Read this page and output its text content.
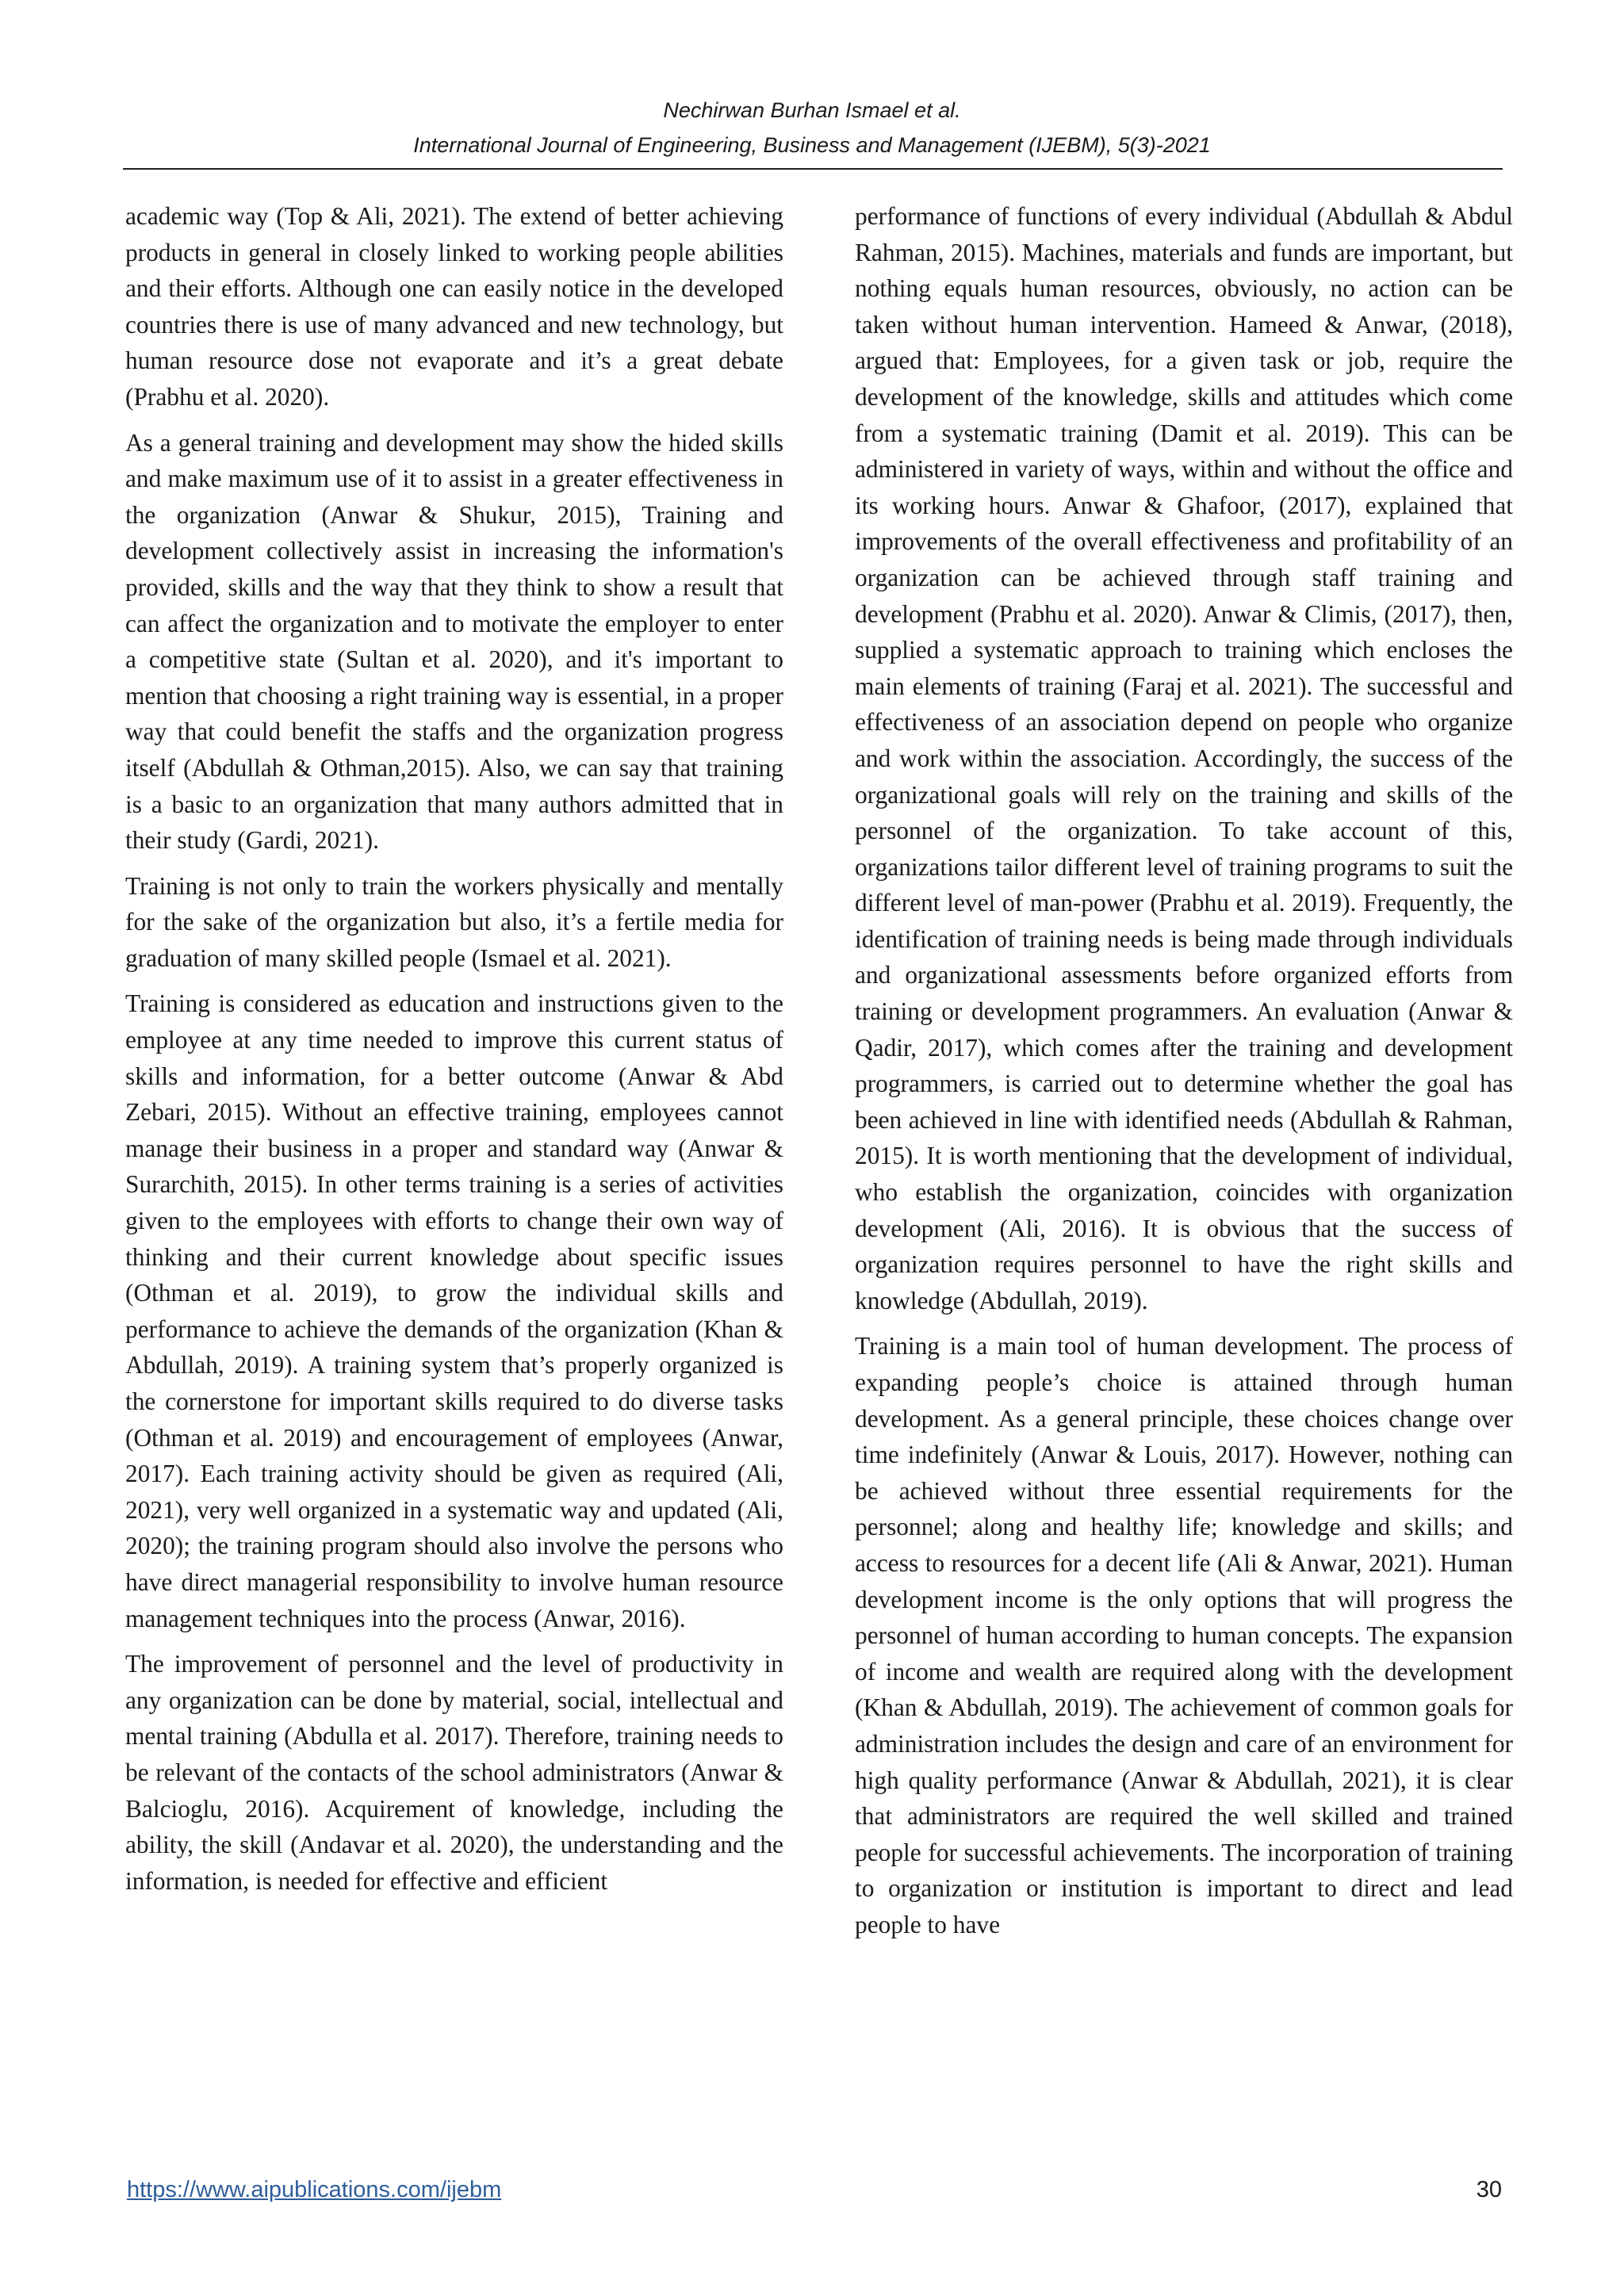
Nechirwan Burhan Ismael et al.
International Journal of Engineering, Business and Management (IJEBM), 5(3)-2021

academic way (Top & Ali, 2021). The extend of better achieving products in general in closely linked to working people abilities and their efforts. Although one can easily notice in the developed countries there is use of many advanced and new technology, but human resource dose not evaporate and it’s a great debate (Prabhu et al. 2020).

As a general training and development may show the hided skills and make maximum use of it to assist in a greater effectiveness in the organization (Anwar & Shukur, 2015), Training and development collectively assist in increasing the information's provided, skills and the way that they think to show a result that can affect the organization and to motivate the employer to enter a competitive state (Sultan et al. 2020), and it's important to mention that choosing a right training way is essential, in a proper way that could benefit the staffs and the organization progress itself (Abdullah & Othman,2015). Also, we can say that training is a basic to an organization that many authors admitted that in their study (Gardi, 2021).

Training is not only to train the workers physically and mentally for the sake of the organization but also, it’s a fertile media for graduation of many skilled people (Ismael et al. 2021).

Training is considered as education and instructions given to the employee at any time needed to improve this current status of skills and information, for a better outcome (Anwar & Abd Zebari, 2015). Without an effective training, employees cannot manage their business in a proper and standard way (Anwar & Surarchith, 2015). In other terms training is a series of activities given to the employees with efforts to change their own way of thinking and their current knowledge about specific issues (Othman et al. 2019), to grow the individual skills and performance to achieve the demands of the organization (Khan & Abdullah, 2019). A training system that’s properly organized is the cornerstone for important skills required to do diverse tasks (Othman et al. 2019) and encouragement of employees (Anwar, 2017). Each training activity should be given as required (Ali, 2021), very well organized in a systematic way and updated (Ali, 2020); the training program should also involve the persons who have direct managerial responsibility to involve human resource management techniques into the process (Anwar, 2016).

The improvement of personnel and the level of productivity in any organization can be done by material, social, intellectual and mental training (Abdulla et al. 2017). Therefore, training needs to be relevant of the contacts of the school administrators (Anwar & Balcioglu, 2016). Acquirement of knowledge, including the ability, the skill (Andavar et al. 2020), the understanding and the information, is needed for effective and efficient

performance of functions of every individual (Abdullah & Abdul Rahman, 2015). Machines, materials and funds are important, but nothing equals human resources, obviously, no action can be taken without human intervention. Hameed & Anwar, (2018), argued that: Employees, for a given task or job, require the development of the knowledge, skills and attitudes which come from a systematic training (Damit et al. 2019). This can be administered in variety of ways, within and without the office and its working hours. Anwar & Ghafoor, (2017), explained that improvements of the overall effectiveness and profitability of an organization can be achieved through staff training and development (Prabhu et al. 2020). Anwar & Climis, (2017), then, supplied a systematic approach to training which encloses the main elements of training (Faraj et al. 2021). The successful and effectiveness of an association depend on people who organize and work within the association. Accordingly, the success of the organizational goals will rely on the training and skills of the personnel of the organization. To take account of this, organizations tailor different level of training programs to suit the different level of man-power (Prabhu et al. 2019). Frequently, the identification of training needs is being made through individuals and organizational assessments before organized efforts from training or development programmers. An evaluation (Anwar & Qadir, 2017), which comes after the training and development programmers, is carried out to determine whether the goal has been achieved in line with identified needs (Abdullah & Rahman, 2015). It is worth mentioning that the development of individual, who establish the organization, coincides with organization development (Ali, 2016). It is obvious that the success of organization requires personnel to have the right skills and knowledge (Abdullah, 2019).

Training is a main tool of human development. The process of expanding people’s choice is attained through human development. As a general principle, these choices change over time indefinitely (Anwar & Louis, 2017). However, nothing can be achieved without three essential requirements for the personnel; along and healthy life; knowledge and skills; and access to resources for a decent life (Ali & Anwar, 2021). Human development income is the only options that will progress the personnel of human according to human concepts. The expansion of income and wealth are required along with the development (Khan & Abdullah, 2019). The achievement of common goals for administration includes the design and care of an environment for high quality performance (Anwar & Abdullah, 2021), it is clear that administrators are required the well skilled and trained people for successful achievements. The incorporation of training to organization or institution is important to direct and lead people to have

https://www.aipublications.com/ijebm	30
